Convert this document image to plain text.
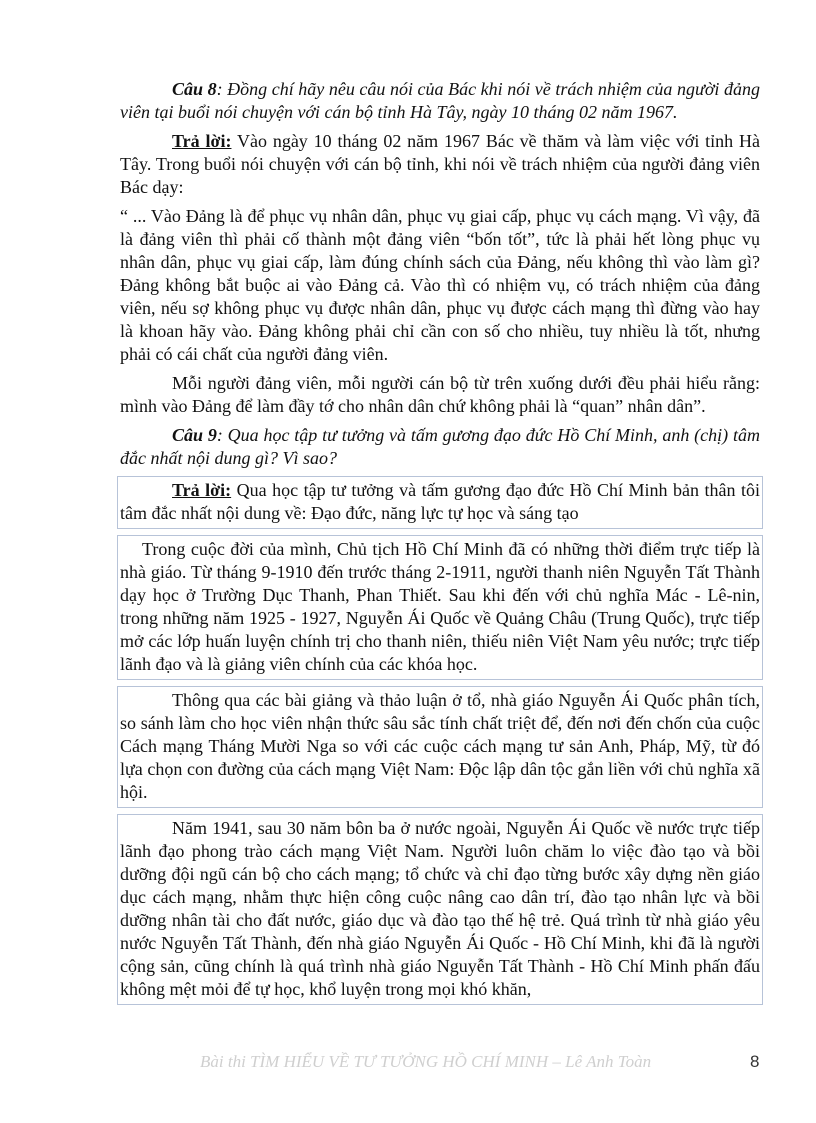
Câu 8: Đồng chí hãy nêu câu nói của Bác khi nói về trách nhiệm của người đảng viên tại buổi nói chuyện với cán bộ tỉnh Hà Tây, ngày 10 tháng 02 năm 1967.

Trả lời: Vào ngày 10 tháng 02 năm 1967 Bác về thăm và làm việc với tỉnh Hà Tây. Trong buổi nói chuyện với cán bộ tỉnh, khi nói về trách nhiệm của người đảng viên Bác dạy:

“ ... Vào Đảng là để phục vụ nhân dân, phục vụ giai cấp, phục vụ cách mạng. Vì vậy, đã là đảng viên thì phải cố thành một đảng viên “bốn tốt”, tức là phải hết lòng phục vụ nhân dân, phục vụ giai cấp, làm đúng chính sách của Đảng, nếu không thì vào làm gì? Đảng không bắt buộc ai vào Đảng cả. Vào thì có nhiệm vụ, có trách nhiệm của đảng viên, nếu sợ không phục vụ được nhân dân, phục vụ được cách mạng thì đừng vào hay là khoan hãy vào. Đảng không phải chỉ cần con số cho nhiều, tuy nhiều là tốt, nhưng phải có cái chất của người đảng viên.

Mỗi người đảng viên, mỗi người cán bộ từ trên xuống dưới đều phải hiểu rằng: mình vào Đảng để làm đầy tớ cho nhân dân chứ không phải là “quan” nhân dân”.

Câu 9: Qua học tập tư tưởng và tấm gương đạo đức Hồ Chí Minh, anh (chị) tâm đắc nhất nội dung gì? Vì sao?

Trả lời: Qua học tập tư tưởng và tấm gương đạo đức Hồ Chí Minh bản thân tôi tâm đắc nhất nội dung về: Đạo đức, năng lực tự học và sáng tạo

Trong cuộc đời của mình, Chủ tịch Hồ Chí Minh đã có những thời điểm trực tiếp là nhà giáo. Từ tháng 9-1910 đến trước tháng 2-1911, người thanh niên Nguyễn Tất Thành dạy học ở Trường Dục Thanh, Phan Thiết. Sau khi đến với chủ nghĩa Mác - Lê-nin, trong những năm 1925 - 1927, Nguyễn Ái Quốc về Quảng Châu (Trung Quốc), trực tiếp mở các lớp huấn luyện chính trị cho thanh niên, thiếu niên Việt Nam yêu nước; trực tiếp lãnh đạo và là giảng viên chính của các khóa học.

Thông qua các bài giảng và thảo luận ở tổ, nhà giáo Nguyễn Ái Quốc phân tích, so sánh làm cho học viên nhận thức sâu sắc tính chất triệt để, đến nơi đến chốn của cuộc Cách mạng Tháng Mười Nga so với các cuộc cách mạng tư sản Anh, Pháp, Mỹ, từ đó lựa chọn con đường của cách mạng Việt Nam: Độc lập dân tộc gắn liền với chủ nghĩa xã hội.

Năm 1941, sau 30 năm bôn ba ở nước ngoài, Nguyễn Ái Quốc về nước trực tiếp lãnh đạo phong trào cách mạng Việt Nam. Người luôn chăm lo việc đào tạo và bồi dưỡng đội ngũ cán bộ cho cách mạng; tổ chức và chỉ đạo từng bước xây dựng nền giáo dục cách mạng, nhằm thực hiện công cuộc nâng cao dân trí, đào tạo nhân lực và bồi dưỡng nhân tài cho đất nước, giáo dục và đào tạo thế hệ trẻ. Quá trình từ nhà giáo yêu nước Nguyễn Tất Thành, đến nhà giáo Nguyễn Ái Quốc - Hồ Chí Minh, khi đã là người cộng sản, cũng chính là quá trình nhà giáo Nguyễn Tất Thành - Hồ Chí Minh phấn đấu không mệt mỏi để tự học, khổ luyện trong mọi khó khăn,

Bài thi TÌM HIỂU VỀ TƯ TƯỞNG HỒ CHÍ MINH – Lê Anh Toàn	8
